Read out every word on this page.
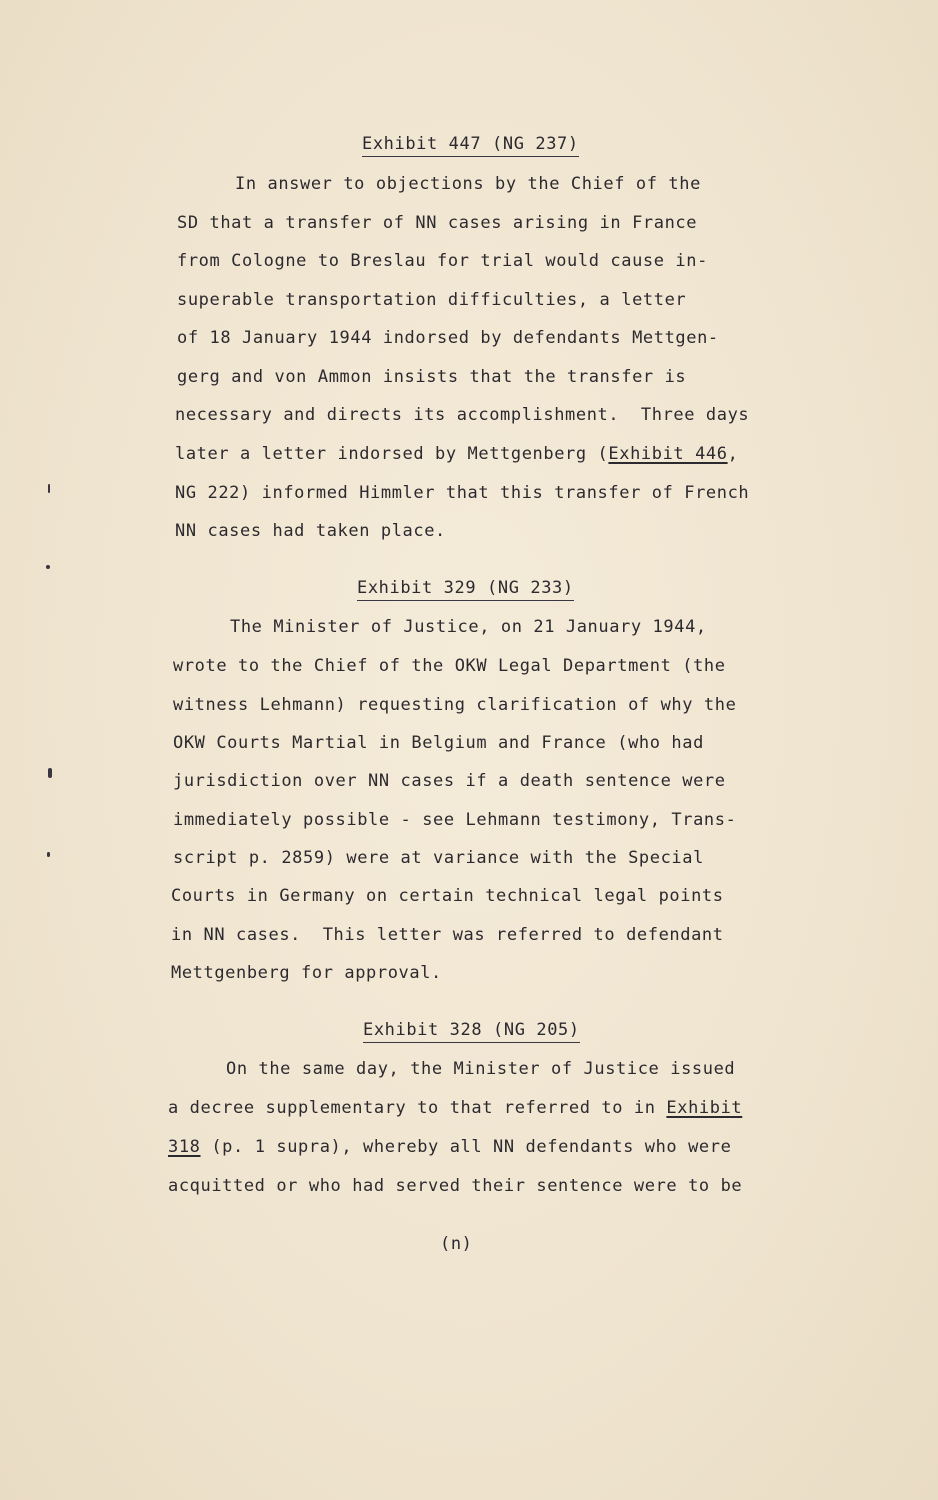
Exhibit 447 (NG 237)
In answer to objections by the Chief of the
SD that a transfer of NN cases arising in France
from Cologne to Breslau for trial would cause in-
superable transportation difficulties, a letter
of 18 January 1944 indorsed by defendants Mettgen-
gerg and von Ammon insists that the transfer is
necessary and directs its accomplishment.  Three days
later a letter indorsed by Mettgenberg (Exhibit 446,
NG 222) informed Himmler that this transfer of French
NN cases had taken place.
Exhibit 329 (NG 233)
The Minister of Justice, on 21 January 1944,
wrote to the Chief of the OKW Legal Department (the
witness Lehmann) requesting clarification of why the
OKW Courts Martial in Belgium and France (who had
jurisdiction over NN cases if a death sentence were
immediately possible - see Lehmann testimony, Trans-
script p. 2859) were at variance with the Special
Courts in Germany on certain technical legal points
in NN cases.  This letter was referred to defendant
Mettgenberg for approval.
Exhibit 328 (NG 205)
On the same day, the Minister of Justice issued
a decree supplementary to that referred to in Exhibit
318 (p. 1 supra), whereby all NN defendants who were
acquitted or who had served their sentence were to be
(n)
